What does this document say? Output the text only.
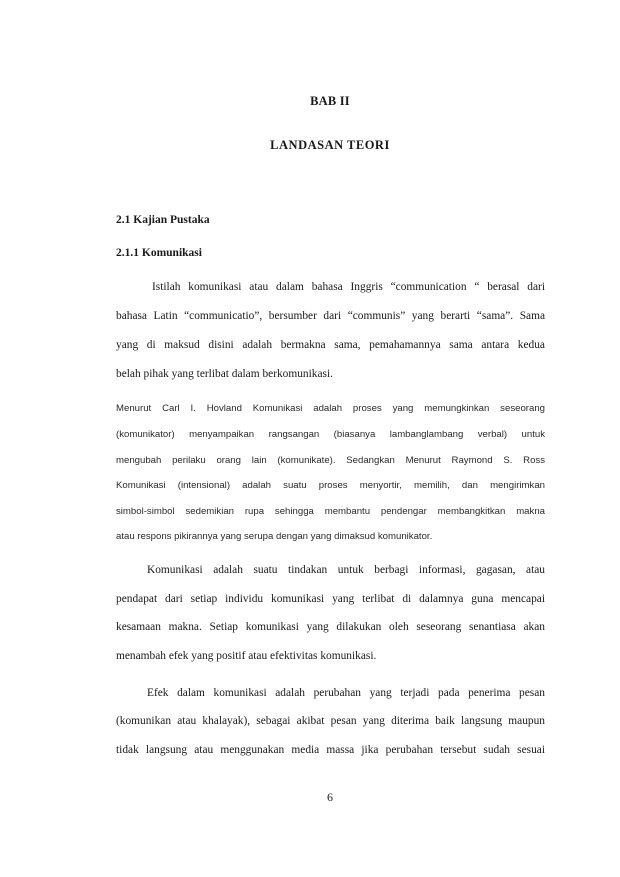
BAB II
LANDASAN TEORI
2.1 Kajian Pustaka
2.1.1 Komunikasi
Istilah komunikasi atau dalam bahasa Inggris “communication “ berasal dari
bahasa Latin “communicatio”, bersumber dari “communis” yang berarti “sama”. Sama
yang di maksud disini adalah bermakna sama, pemahamannya sama antara kedua
belah pihak yang terlibat dalam berkomunikasi.
Menurut Carl I. Hovland Komunikasi adalah proses yang memungkinkan seseorang
(komunikator) menyampaikan rangsangan (biasanya lambanglambang verbal) untuk
mengubah perilaku orang lain (komunikate). Sedangkan Menurut Raymond S. Ross
Komunikasi (intensional) adalah suatu proses menyortir, memilih, dan mengirimkan
simbol-simbol sedemikian rupa sehingga membantu pendengar membangkitkan makna
atau respons pikirannya yang serupa dengan yang dimaksud komunikator.
Komunikasi adalah suatu tindakan untuk berbagi informasi, gagasan, atau
pendapat dari setiap individu komunikasi yang terlibat di dalamnya guna mencapai
kesamaan makna. Setiap komunikasi yang dilakukan oleh seseorang senantiasa akan
menambah efek yang positif atau efektivitas komunikasi.
Efek dalam komunikasi adalah perubahan yang terjadi pada penerima pesan
(komunikan atau khalayak), sebagai akibat pesan yang diterima baik langsung maupun
tidak langsung atau menggunakan media massa jika perubahan tersebut sudah sesuai
6
